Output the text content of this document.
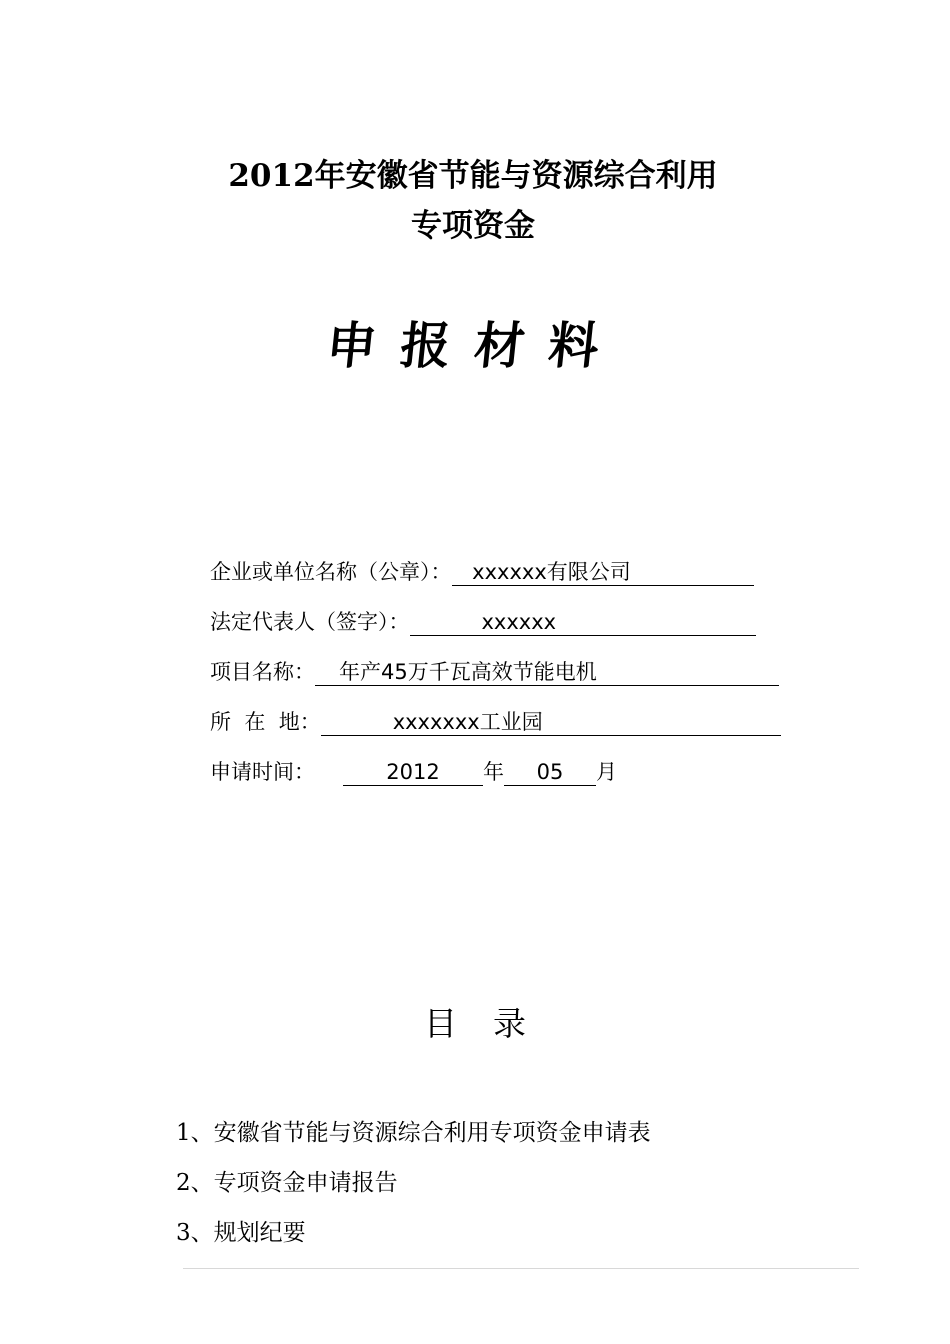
2012年安徽省节能与资源综合利用
专项资金
申报材料
企业或单位名称（公章）： xxxxxx有限公司
法定代表人（签字）：	xxxxxx
项目名称：	年产45万千瓦高效节能电机
所  在  地：	xxxxxxx工业园
申请时间：	2012	年	05	月
目录
1、安徽省节能与资源综合利用专项资金申请表
2、专项资金申请报告
3、规划纪要
